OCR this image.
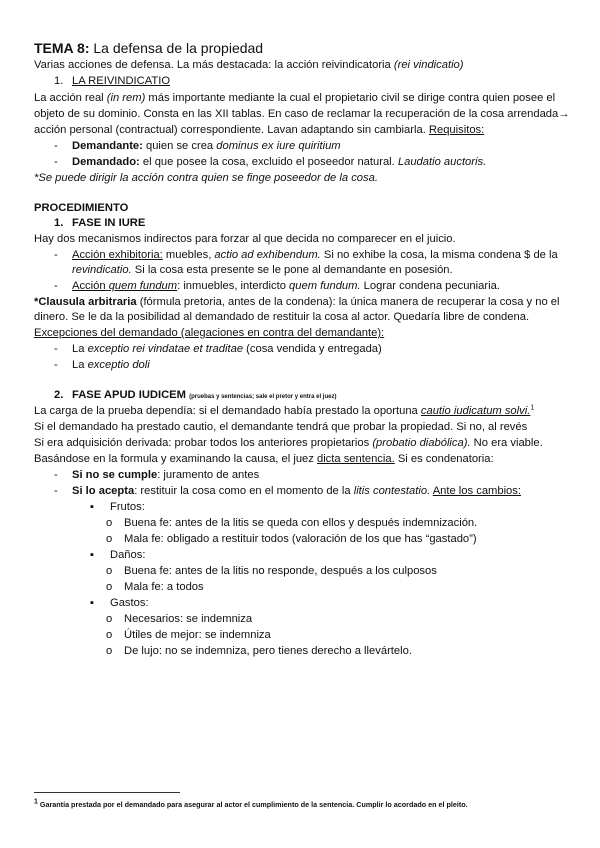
TEMA 8: La defensa de la propiedad
Varias acciones de defensa. La más destacada: la acción reivindicatoria (rei vindicatio)
1. LA REIVINDICATIO
La acción real (in rem) más importante mediante la cual el propietario civil se dirige contra quien posee el
objeto de su dominio. Consta en las XII tablas. En caso de reclamar la recuperación de la cosa arrendada→
acción personal (contractual) correspondiente. Lavan adaptando sin cambiarla. Requisitos:
- Demandante: quien se crea dominus ex iure quiritium
- Demandado: el que posee la cosa, excluido el poseedor natural. Laudatio auctoris.
*Se puede dirigir la acción contra quien se finge poseedor de la cosa.
PROCEDIMIENTO
1. FASE IN IURE
Hay dos mecanismos indirectos para forzar al que decida no comparecer en el juicio.
- Acción exhibitoria: muebles, actio ad exhibendum. Si no exhibe la cosa, la misma condena $ de la
revindicatio. Si la cosa esta presente se le pone al demandante en posesión.
- Acción quem fundum: inmuebles, interdicto quem fundum. Lograr condena pecuniaria.
*Clausula arbitraria (fórmula pretoria, antes de la condena): la única manera de recuperar la cosa y no el
dinero. Se le da la posibilidad al demandado de restituir la cosa al actor. Quedaría libre de condena.
Excepciones del demandado (alegaciones en contra del demandante):
- La exceptio rei vindatae et traditae (cosa vendida y entregada)
- La exceptio doli
2. FASE APUD IUDICEM (pruebas y sentencias; sale el pretor y entra el juez)
La carga de la prueba dependía: si el demandado había prestado la oportuna cautio iudicatum solvi.$^1$
Si el demandado ha prestado cautio, el demandante tendrá que probar la propiedad. Si no, al revés
Si era adquisición derivada: probar todos los anteriores propietarios (probatio diabólica). No era viable.
Basándose en la formula y examinando la causa, el juez dicta sentencia. Si es condenatoria:
- Si no se cumple: juramento de antes
- Si lo acepta: restituir la cosa como en el momento de la litis contestatio. Ante los cambios:
▪ Frutos:
o Buena fe: antes de la litis se queda con ellos y después indemnización.
o Mala fe: obligado a restituir todos (valoración de los que has “gastado”)
▪ Daños:
o Buena fe: antes de la litis no responde, después a los culposos
o Mala fe: a todos
▪ Gastos:
o Necesarios: se indemniza
o Útiles de mejor: se indemniza
o De lujo: no se indemniza, pero tienes derecho a llevártelo.
1 Garantía prestada por el demandado para asegurar al actor el cumplimiento de la sentencia. Cumplir lo acordado en el pleito.
